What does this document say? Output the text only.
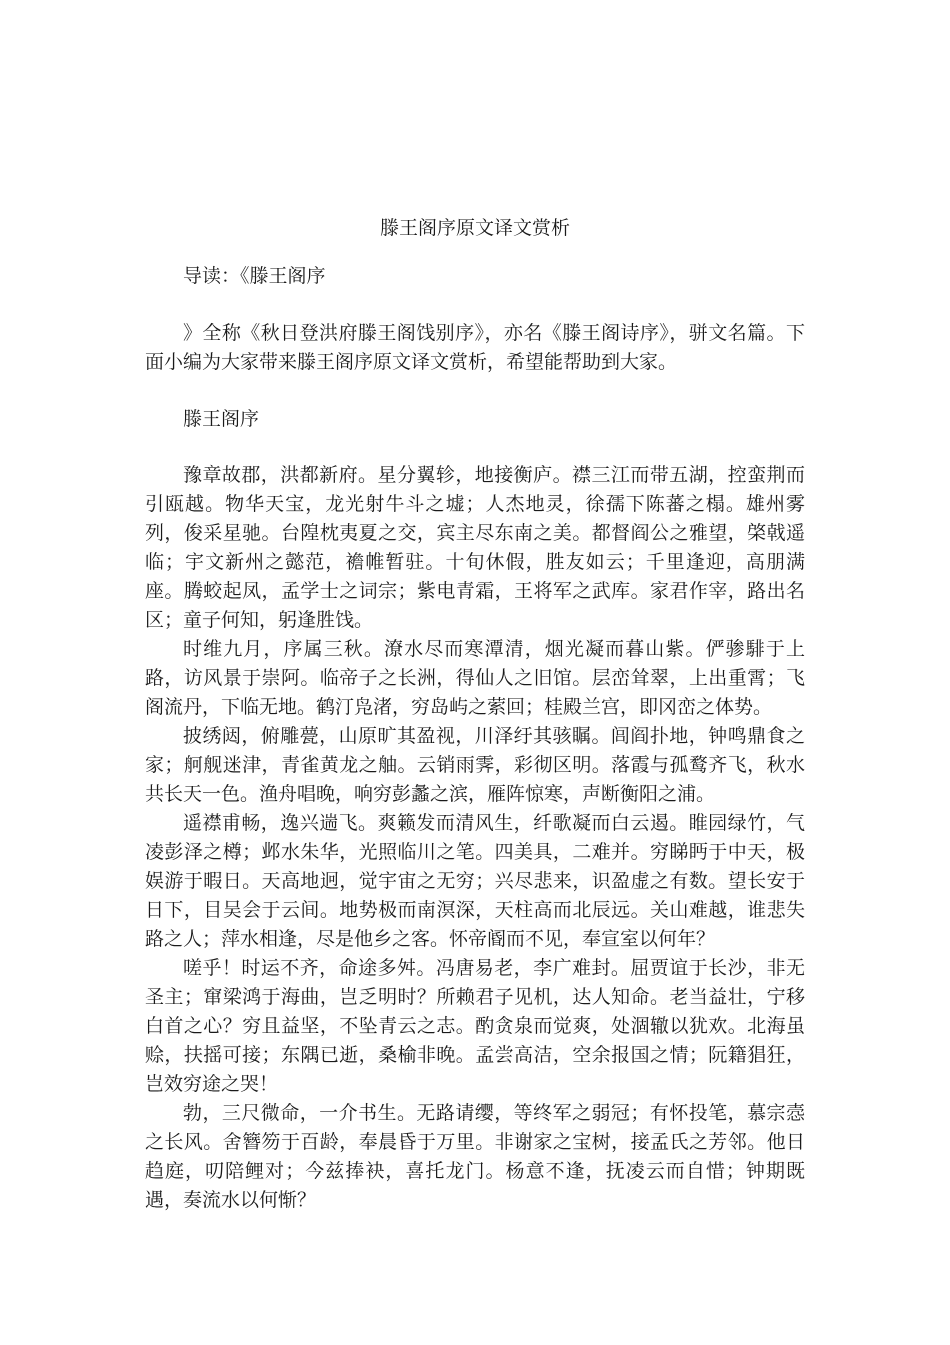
滕王阁序原文译文赏析

导读：《滕王阁序

》全称《秋日登洪府滕王阁饯别序》，亦名《滕王阁诗序》，骈文名篇。下面小编为大家带来滕王阁序原文译文赏析，希望能帮助到大家。

滕王阁序

豫章故郡，洪都新府。星分翼轸，地接衡庐。襟三江而带五湖，控蛮荆而引瓯越。物华天宝，龙光射牛斗之墟；人杰地灵，徐孺下陈蕃之榻。雄州雾列，俊采星驰。台隍枕夷夏之交，宾主尽东南之美。都督阎公之雅望，棨戟遥临；宇文新州之懿范，襜帷暂驻。十旬休假，胜友如云；千里逢迎，高朋满座。腾蛟起凤，孟学士之词宗；紫电青霜，王将军之武库。家君作宰，路出名区；童子何知，躬逢胜饯。

时维九月，序属三秋。潦水尽而寒潭清，烟光凝而暮山紫。俨骖騑于上路，访风景于崇阿。临帝子之长洲，得仙人之旧馆。层峦耸翠，上出重霄；飞阁流丹，下临无地。鹤汀凫渚，穷岛屿之萦回；桂殿兰宫，即冈峦之体势。

披绣闼，俯雕甍，山原旷其盈视，川泽纡其骇瞩。闾阎扑地，钟鸣鼎食之家；舸舰迷津，青雀黄龙之舳。云销雨霁，彩彻区明。落霞与孤鹜齐飞，秋水共长天一色。渔舟唱晚，响穷彭蠡之滨，雁阵惊寒，声断衡阳之浦。

遥襟甫畅，逸兴遄飞。爽籁发而清风生，纤歌凝而白云遏。睢园绿竹，气凌彭泽之樽；邺水朱华，光照临川之笔。四美具，二难并。穷睇眄于中天，极娱游于暇日。天高地迥，觉宇宙之无穷；兴尽悲来，识盈虚之有数。望长安于日下，目吴会于云间。地势极而南溟深，天柱高而北辰远。关山难越，谁悲失路之人；萍水相逢，尽是他乡之客。怀帝阍而不见，奉宣室以何年？

嗟乎！时运不齐，命途多舛。冯唐易老，李广难封。屈贾谊于长沙，非无圣主；窜梁鸿于海曲，岂乏明时？所赖君子见机，达人知命。老当益壮，宁移白首之心？穷且益坚，不坠青云之志。酌贪泉而觉爽，处涸辙以犹欢。北海虽赊，扶摇可接；东隅已逝，桑榆非晚。孟尝高洁，空余报国之情；阮籍猖狂，岂效穷途之哭！

勃，三尺微命，一介书生。无路请缨，等终军之弱冠；有怀投笔，慕宗悫之长风。舍簪笏于百龄，奉晨昏于万里。非谢家之宝树，接孟氏之芳邻。他日趋庭，叨陪鲤对；今兹捧袂，喜托龙门。杨意不逢，抚凌云而自惜；钟期既遇，奏流水以何惭？
